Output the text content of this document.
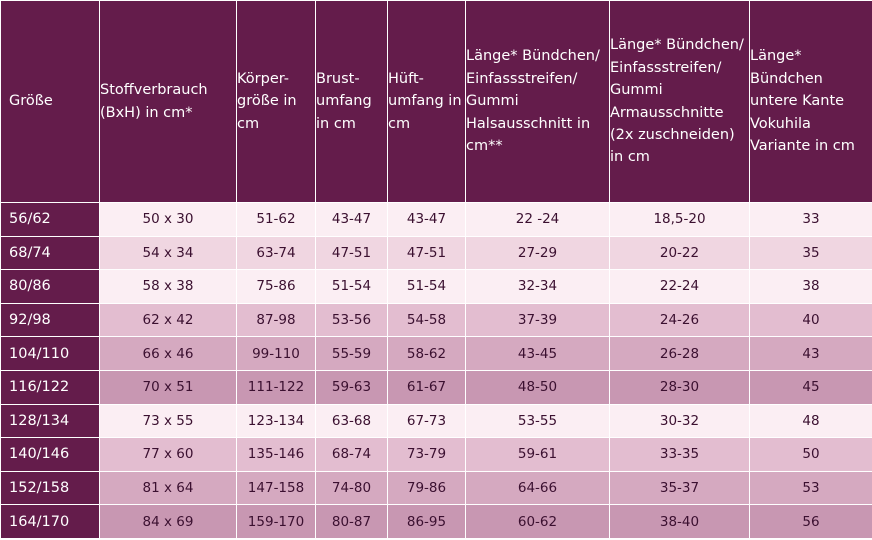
Größe	Stoffverbrauch (BxH) in cm*	Körper-größe in cm	Brust-umfang in cm	Hüft-umfang in cm	Länge* Bündchen/ Einfassstreifen/ Gummi Halsausschnitt in cm**	Länge* Bündchen/ Einfassstreifen/ Gummi Armausschnitte (2x zuschneiden) in cm	Länge* Bündchen untere Kante Vokuhila Variante in cm
56/62	50 x 30	51-62	43-47	43-47	22 -24	18,5-20	33
68/74	54 x 34	63-74	47-51	47-51	27-29	20-22	35
80/86	58 x 38	75-86	51-54	51-54	32-34	22-24	38
92/98	62 x 42	87-98	53-56	54-58	37-39	24-26	40
104/110	66 x 46	99-110	55-59	58-62	43-45	26-28	43
116/122	70 x 51	111-122	59-63	61-67	48-50	28-30	45
128/134	73 x 55	123-134	63-68	67-73	53-55	30-32	48
140/146	77 x 60	135-146	68-74	73-79	59-61	33-35	50
152/158	81 x 64	147-158	74-80	79-86	64-66	35-37	53
164/170	84 x 69	159-170	80-87	86-95	60-62	38-40	56
